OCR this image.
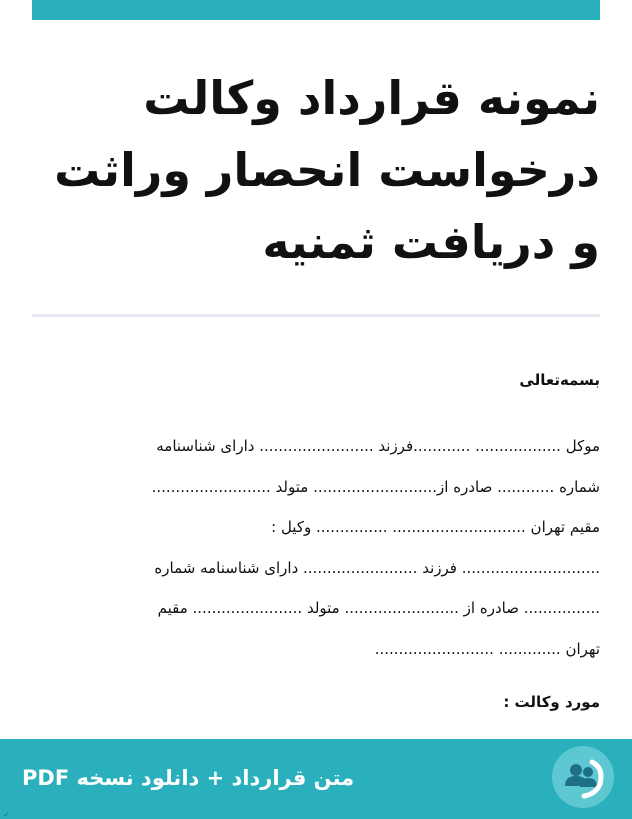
نمونه قرارداد وکالت
درخواست انحصار وراثت
و دریافت ثمنیه
بسمه‌تعالی
موکل .................. ............فرزند ........................ دارای شناسنامه
شماره ............ صادره از.......................... متولد .........................
مقیم تهران ............................ ............... وکیل :
............................. فرزند ........................ دارای شناسنامه شماره
................ صادره از ........................ متولد ....................... مقیم
تهران ............. .........................
مورد وکالت :
متن قرارداد + دانلود نسخه PDF
ر
